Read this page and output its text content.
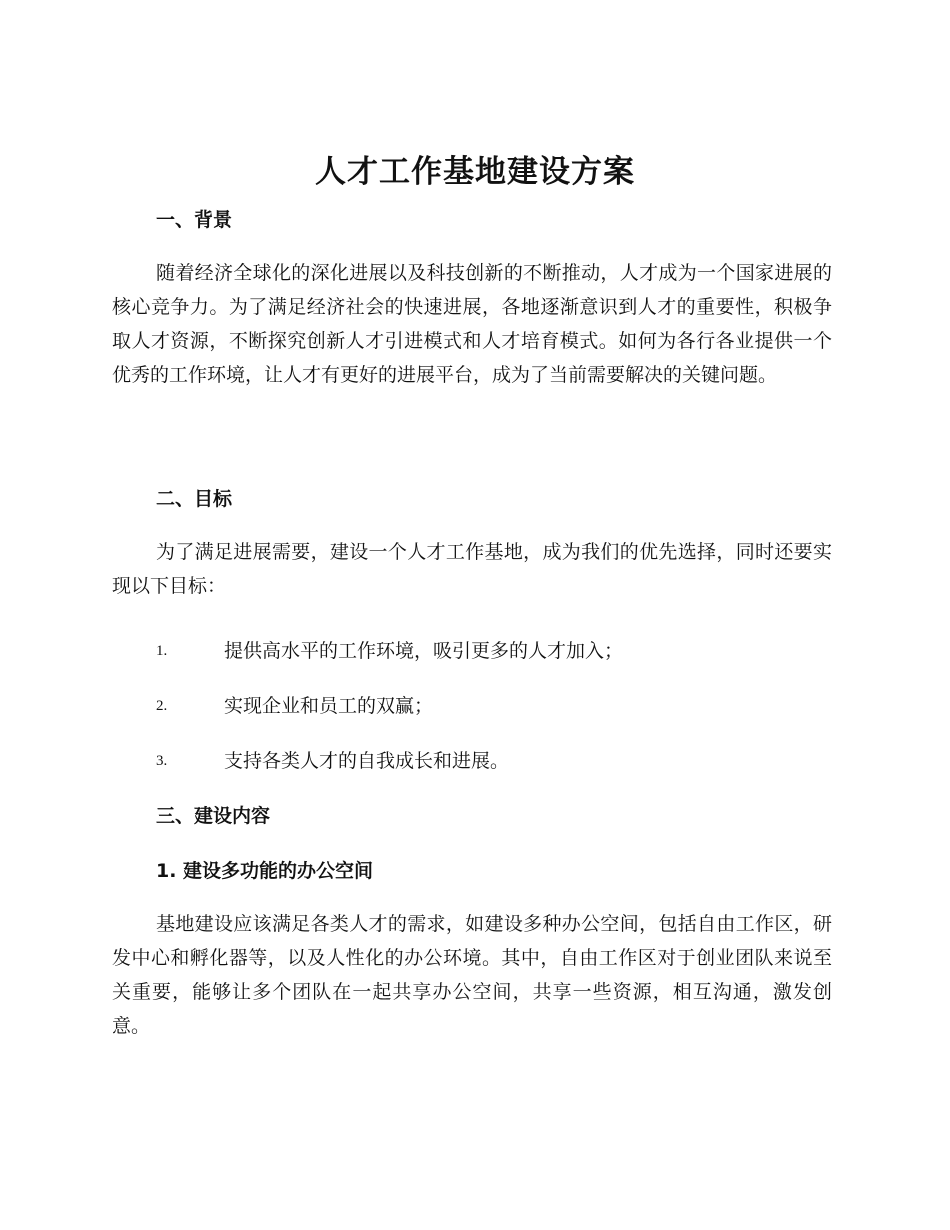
人才工作基地建设方案
一、背景

随着经济全球化的深化进展以及科技创新的不断推动，人才成为一个国家进展的核心竞争力。为了满足经济社会的快速进展，各地逐渐意识到人才的重要性，积极争取人才资源，不断探究创新人才引进模式和人才培育模式。如何为各行各业提供一个优秀的工作环境，让人才有更好的进展平台，成为了当前需要解决的关键问题。

二、目标

为了满足进展需要，建设一个人才工作基地，成为我们的优先选择，同时还要实现以下目标：

1.	提供高水平的工作环境，吸引更多的人才加入；
2.	实现企业和员工的双赢；
3.	支持各类人才的自我成长和进展。
三、建设内容
1. 建设多功能的办公空间

基地建设应该满足各类人才的需求，如建设多种办公空间，包括自由工作区，研发中心和孵化器等，以及人性化的办公环境。其中，自由工作区对于创业团队来说至关重要，能够让多个团队在一起共享办公空间，共享一些资源，相互沟通，激发创意。
